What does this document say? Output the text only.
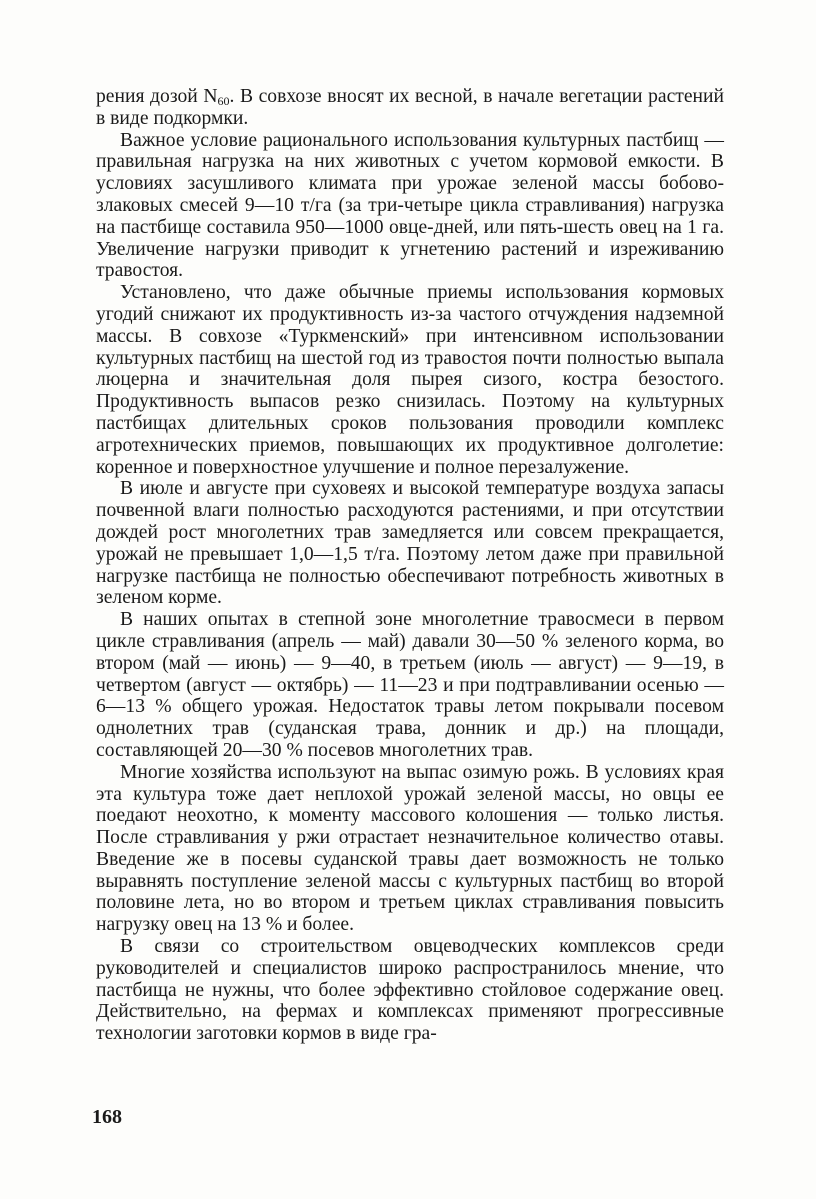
рения дозой $N_{60}$. В совхозе вносят их весной, в начале вегетации растений в виде подкормки.

Важное условие рационального использования культурных пастбищ — правильная нагрузка на них животных с учетом кормовой емкости. В условиях засушливого климата при урожае зеленой массы бобово-злаковых смесей 9—10 т/га (за три-четыре цикла стравливания) нагрузка на пастбище составила 950—1000 овце-дней, или пять-шесть овец на 1 га. Увеличение нагрузки приводит к угнетению растений и изреживанию травостоя.

Установлено, что даже обычные приемы использования кормовых угодий снижают их продуктивность из-за частого отчуждения надземной массы. В совхозе «Туркменский» при интенсивном использовании культурных пастбищ на шестой год из травостоя почти полностью выпала люцерна и значительная доля пырея сизого, костра безостого. Продуктивность выпасов резко снизилась. Поэтому на культурных пастбищах длительных сроков пользования проводили комплекс агротехнических приемов, повышающих их продуктивное долголетие: коренное и поверхностное улучшение и полное перезалужение.

В июле и августе при суховеях и высокой температуре воздуха запасы почвенной влаги полностью расходуются растениями, и при отсутствии дождей рост многолетних трав замедляется или совсем прекращается, урожай не превышает 1,0—1,5 т/га. Поэтому летом даже при правильной нагрузке пастбища не полностью обеспечивают потребность животных в зеленом корме.

В наших опытах в степной зоне многолетние травосмеси в первом цикле стравливания (апрель — май) давали 30—50 % зеленого корма, во втором (май — июнь) — 9—40, в третьем (июль — август) — 9—19, в четвертом (август — октябрь) — 11—23 и при подтравливании осенью — 6—13 % общего урожая. Недостаток травы летом покрывали посевом однолетних трав (суданская трава, донник и др.) на площади, составляющей 20—30 % посевов многолетних трав.

Многие хозяйства используют на выпас озимую рожь. В условиях края эта культура тоже дает неплохой урожай зеленой массы, но овцы ее поедают неохотно, к моменту массового колошения — только листья. После стравливания у ржи отрастает незначительное количество отавы. Введение же в посевы суданской травы дает возможность не только выравнять поступление зеленой массы с культурных пастбищ во второй половине лета, но во втором и третьем циклах стравливания повысить нагрузку овец на 13 % и более.

В связи со строительством овцеводческих комплексов среди руководителей и специалистов широко распространилось мнение, что пастбища не нужны, что более эффективно стойловое содержание овец. Действительно, на фермах и комплексах применяют прогрессивные технологии заготовки кормов в виде гра-

168
